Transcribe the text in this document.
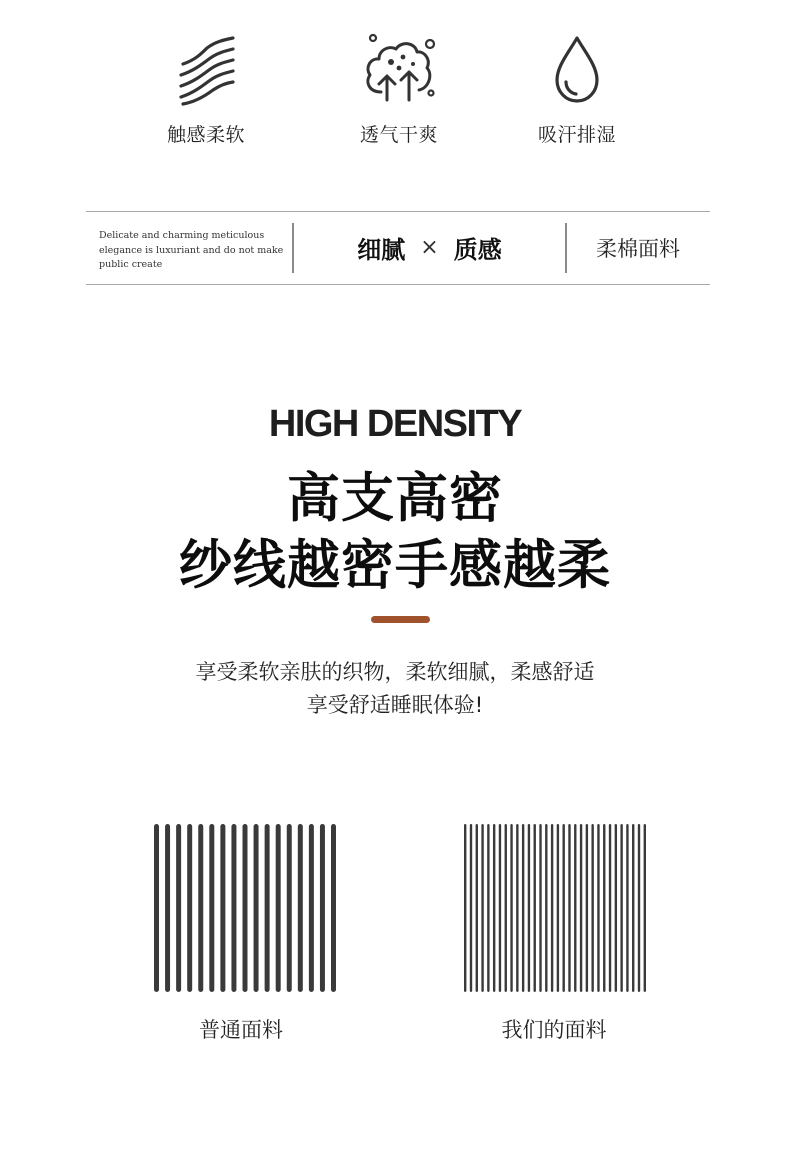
触感柔软	透气干爽	吸汗排湿
Delicate and charming meticulous elegance is luxuriant and do not make public create
细腻 × 质感	柔棉面料
HIGH DENSITY
高支高密
纱线越密手感越柔
享受柔软亲肤的织物，柔软细腻，柔感舒适
享受舒适睡眠体验!
普通面料	我们的面料
